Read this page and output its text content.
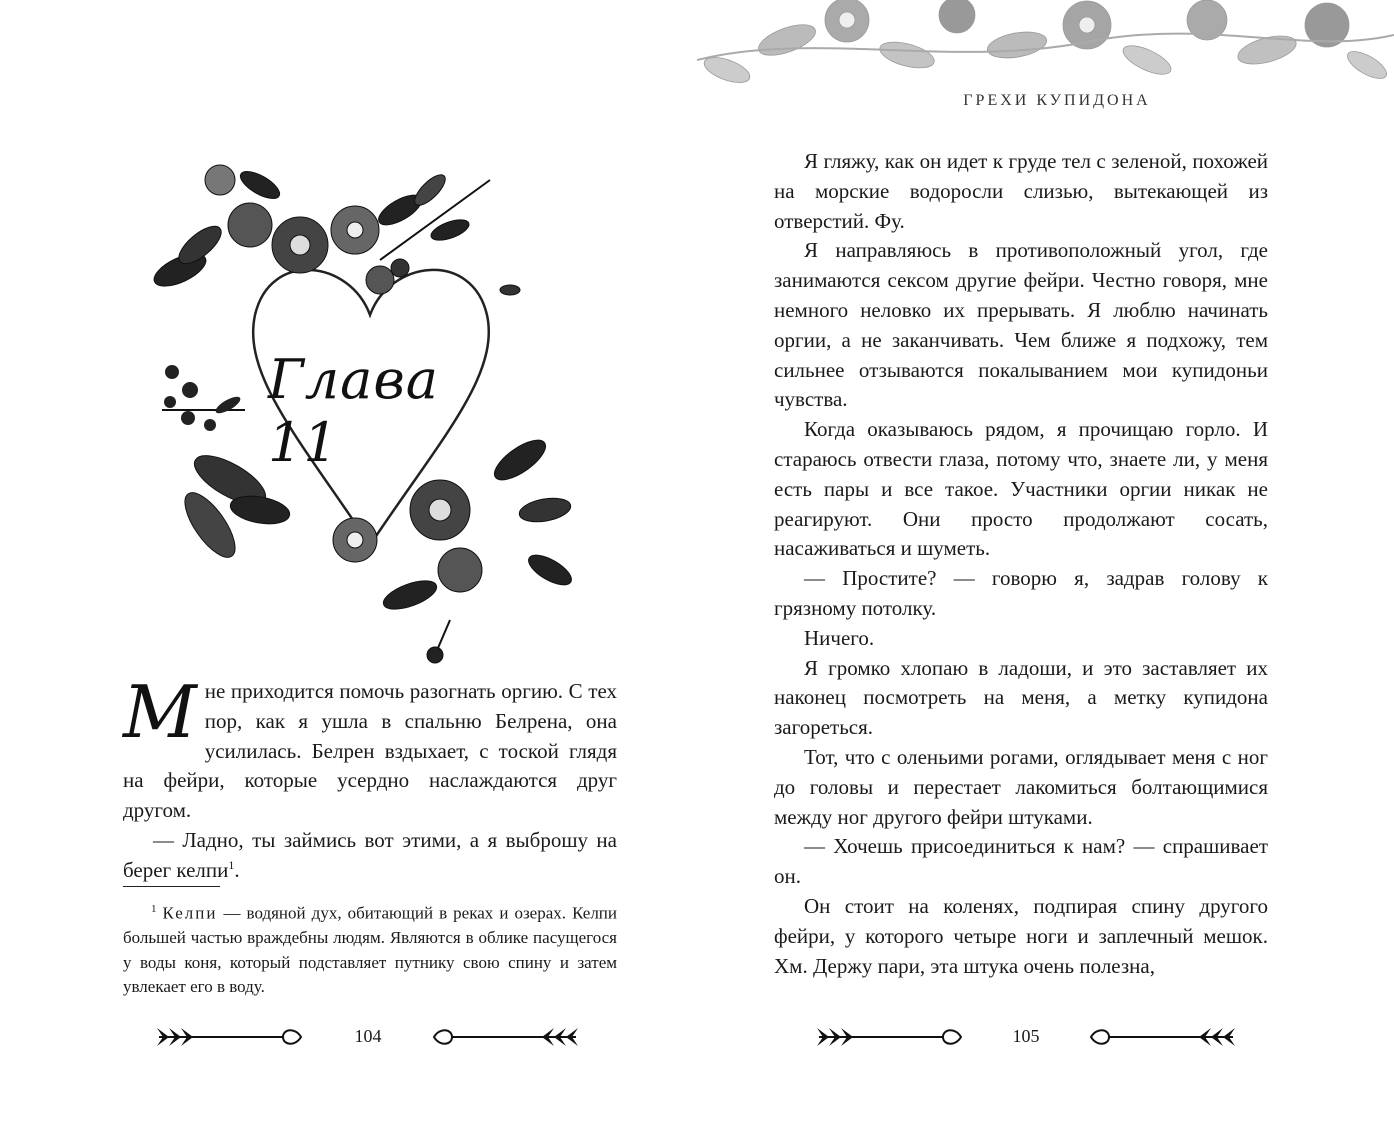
Глава 11

Мне приходится помочь разогнать оргию. С тех пор, как я ушла в спальню Белрена, она усилилась. Белрен вздыхает, с тоской глядя на фейри, которые усердно наслаждаются друг другом.

— Ладно, ты займись вот этими, а я выброшу на берег келпи$^1$.

$^1$ Келпи — водяной дух, обитающий в реках и озерах. Келпи большей частью враждебны людям. Являются в облике пасущегося у воды коня, который подставляет путнику свою спину и затем увлекает его в воду.

104
ГРЕХИ КУПИДОНА

Я гляжу, как он идет к груде тел с зеленой, похожей на морские водоросли слизью, вытекающей из отверстий. Фу.

Я направляюсь в противоположный угол, где занимаются сексом другие фейри. Честно говоря, мне немного неловко их прерывать. Я люблю начинать оргии, а не заканчивать. Чем ближе я подхожу, тем сильнее отзываются покалыванием мои купидоньи чувства.

Когда оказываюсь рядом, я прочищаю горло. И стараюсь отвести глаза, потому что, знаете ли, у меня есть пары и все такое. Участники оргии никак не реагируют. Они просто продолжают сосать, насаживаться и шуметь.

— Простите? — говорю я, задрав голову к грязному потолку.

Ничего.

Я громко хлопаю в ладоши, и это заставляет их наконец посмотреть на меня, а метку купидона загореться.

Тот, что с оленьими рогами, оглядывает меня с ног до головы и перестает лакомиться болтающимися между ног другого фейри штуками.

— Хочешь присоединиться к нам? — спрашивает он.

Он стоит на коленях, подпирая спину другого фейри, у которого четыре ноги и заплечный мешок. Хм. Держу пари, эта штука очень полезна,

105
